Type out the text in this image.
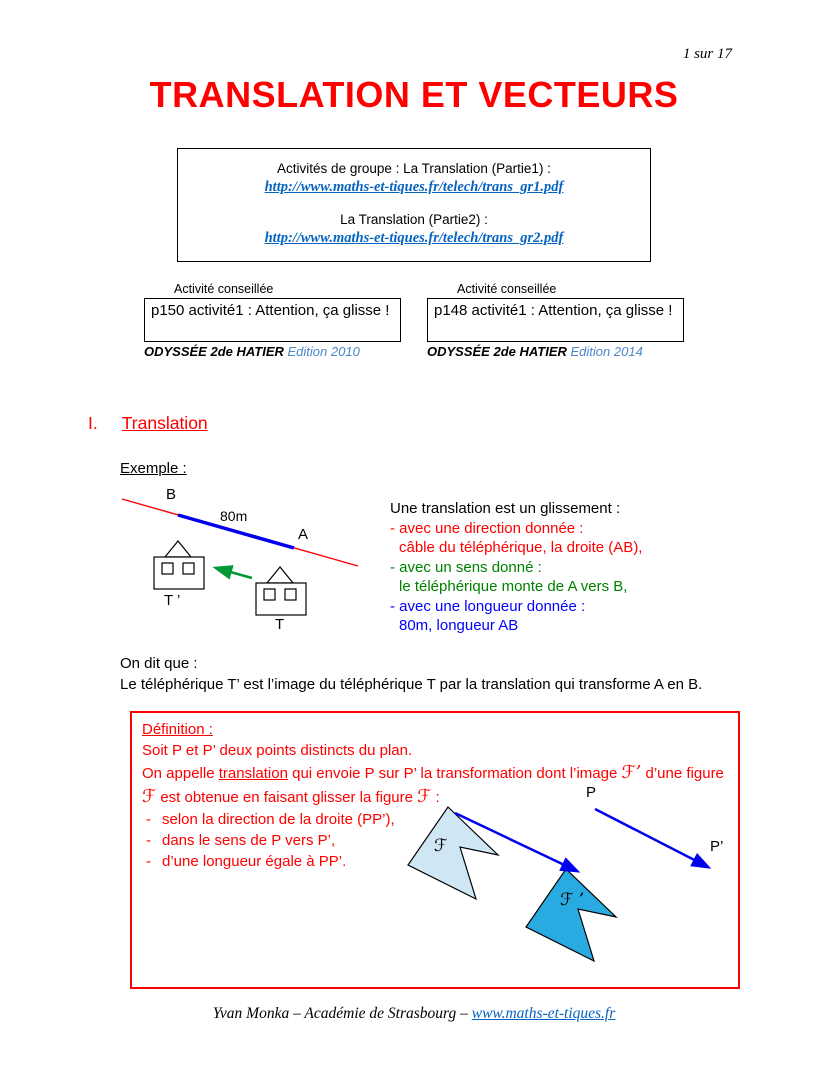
1 sur 17
TRANSLATION ET VECTEURS
Activités de groupe : La Translation (Partie1) :
http://www.maths-et-tiques.fr/telech/trans_gr1.pdf
La Translation (Partie2) :
http://www.maths-et-tiques.fr/telech/trans_gr2.pdf
Activité conseillée
p150 activité1 : Attention, ça glisse !
ODYSSÉE 2de HATIER Edition 2010
Activité conseillée
p148 activité1 : Attention, ça glisse !
ODYSSÉE 2de HATIER Edition 2014
I. Translation
Exemple :
B
A
80m
T ’
T
Une translation est un glissement :
- avec une direction donnée :
câble du téléphérique, la droite (AB),
- avec un sens donné :
le téléphérique monte de A vers B,
- avec une longueur donnée :
80m, longueur AB
On dit que :
Le téléphérique T’ est l’image du téléphérique T par la translation qui transforme A en B.
Définition :
Soit P et P’ deux points distincts du plan.
On appelle translation qui envoie P sur P’ la transformation dont l’image ℱ’ d’une figure ℱ est obtenue en faisant glisser la figure ℱ :
- selon la direction de la droite (PP’),
- dans le sens de P vers P’,
- d’une longueur égale à PP’.
P
P’
ℱ
ℱ ’
Yvan Monka – Académie de Strasbourg – www.maths-et-tiques.fr
